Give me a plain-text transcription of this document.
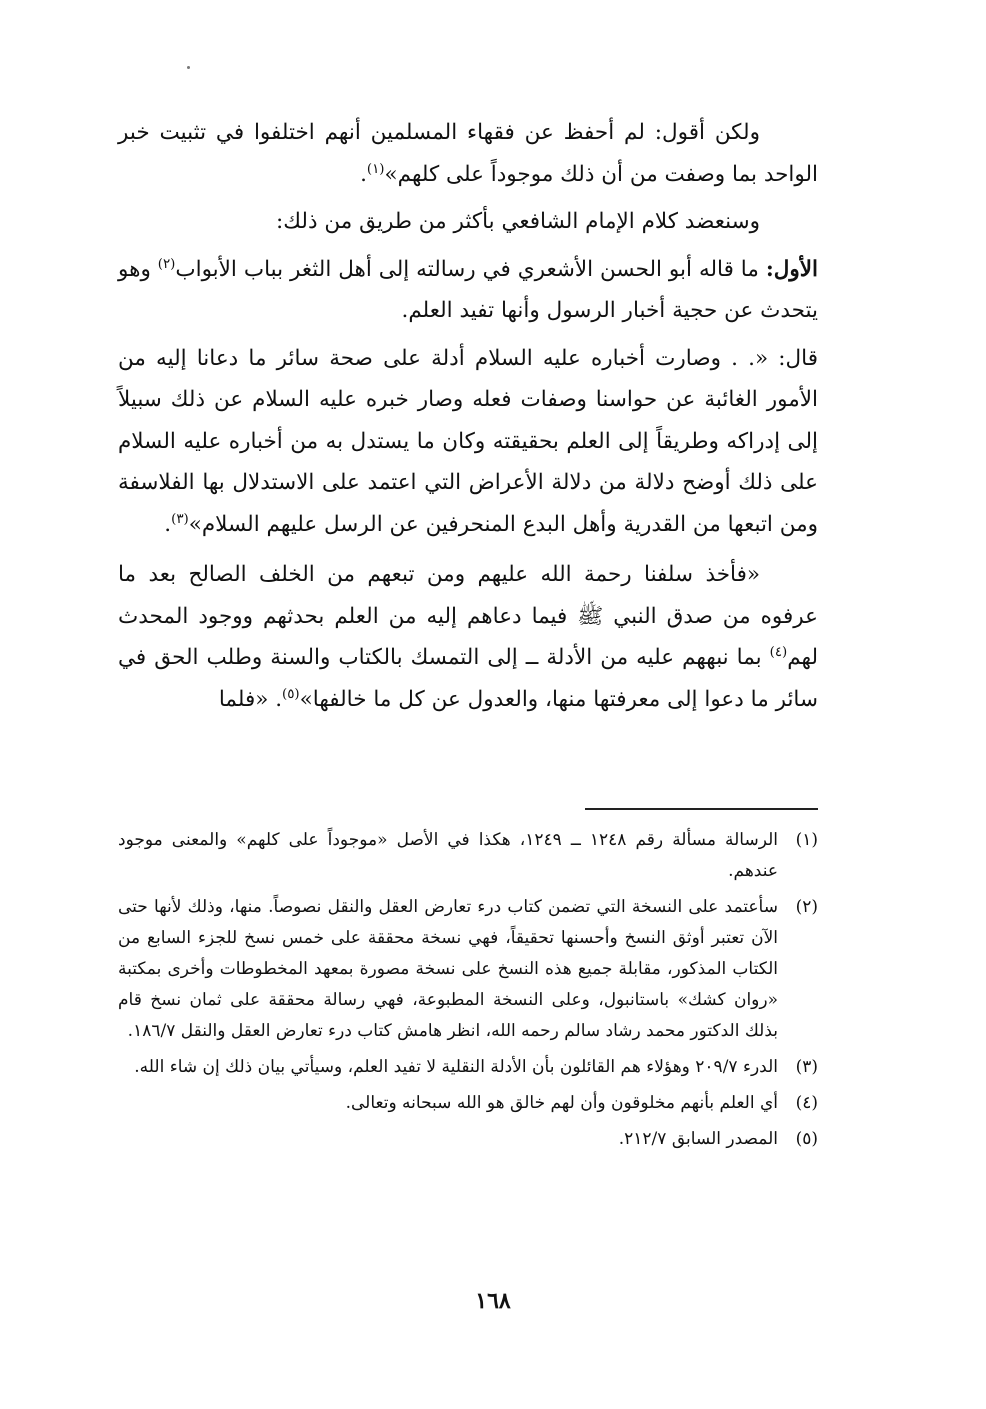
ولكن أقول: لم أحفظ عن فقهاء المسلمين أنهم اختلفوا في تثبيت خبر الواحد بما وصفت من أن ذلك موجوداً على كلهم»$^{(١)}$.

وسنعضد كلام الإمام الشافعي بأكثر من طريق من ذلك:

الأول: ما قاله أبو الحسن الأشعري في رسالته إلى أهل الثغر بباب الأبواب$^{(٢)}$ وهو يتحدث عن حجية أخبار الرسول وأنها تفيد العلم.

قال: «. . وصارت أخباره عليه السلام أدلة على صحة سائر ما دعانا إليه من الأمور الغائبة عن حواسنا وصفات فعله وصار خبره عليه السلام عن ذلك سبيلاً إلى إدراكه وطريقاً إلى العلم بحقيقته وكان ما يستدل به من أخباره عليه السلام على ذلك أوضح دلالة من دلالة الأعراض التي اعتمد على الاستدلال بها الفلاسفة ومن اتبعها من القدرية وأهل البدع المنحرفين عن الرسل عليهم السلام»$^{(٣)}$.

«فأخذ سلفنا رحمة الله عليهم ومن تبعهم من الخلف الصالح بعد ما عرفوه من صدق النبي ﷺ فيما دعاهم إليه من العلم بحدثهم ووجود المحدث لهم$^{(٤)}$ بما نبههم عليه من الأدلة ــ إلى التمسك بالكتاب والسنة وطلب الحق في سائر ما دعوا إلى معرفتها منها، والعدول عن كل ما خالفها»$^{(٥)}$. «فلما

(١)
الرسالة مسألة رقم ١٢٤٨ ــ ١٢٤٩، هكذا في الأصل «موجوداً على كلهم» والمعنى موجود عندهم.
(٢)
سأعتمد على النسخة التي تضمن كتاب درء تعارض العقل والنقل نصوصاً. منها، وذلك لأنها حتى الآن تعتبر أوثق النسخ وأحسنها تحقيقاً، فهي نسخة محققة على خمس نسخ للجزء السابع من الكتاب المذكور، مقابلة جميع هذه النسخ على نسخة مصورة بمعهد المخطوطات وأخرى بمكتبة «روان كشك» باستانبول، وعلى النسخة المطبوعة، فهي رسالة محققة على ثمان نسخ قام بذلك الدكتور محمد رشاد سالم رحمه الله، انظر هامش كتاب درء تعارض العقل والنقل ١٨٦/٧.
(٣)
الدرء ٢٠٩/٧ وهؤلاء هم القائلون بأن الأدلة النقلية لا تفيد العلم، وسيأتي بيان ذلك إن شاء الله.
(٤)
أي العلم بأنهم مخلوقون وأن لهم خالق هو الله سبحانه وتعالى.
(٥)
المصدر السابق ٢١٢/٧.
١٦٨
